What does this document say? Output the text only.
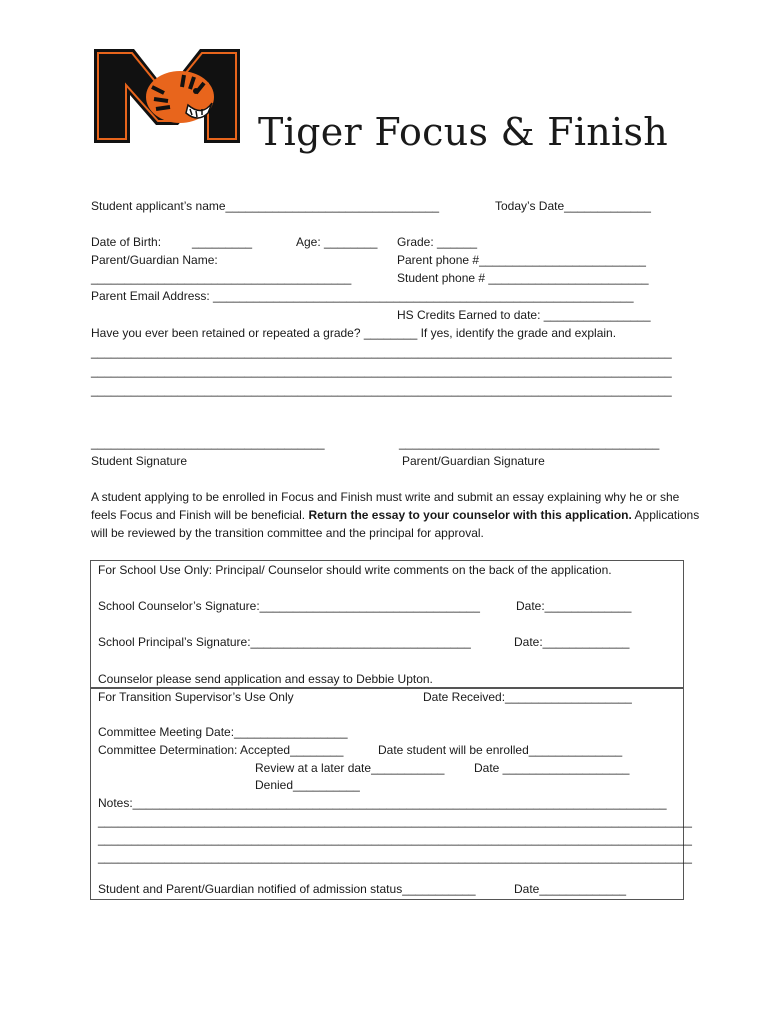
Tiger Focus & Finish
Student applicant’s name________________________________	Today’s Date_____________
Date of Birth:	_________	Age: ________ Grade: ______
Parent/Guardian Name:	Parent phone #_________________________
_______________________________________	Student phone # ________________________
Parent Email Address: _______________________________________________________________
HS Credits Earned to date: ________________
Have you ever been retained or repeated a grade? ________ If yes, identify the grade and explain.
_______________________________________________________________________________________
_______________________________________________________________________________________
_______________________________________________________________________________________
___________________________________	_______________________________________
Student Signature	Parent/Guardian Signature
A student applying to be enrolled in Focus and Finish must write and submit an essay explaining why he or she feels Focus and Finish will be beneficial. Return the essay to your counselor with this application. Applications will be reviewed by the transition committee and the principal for approval.
For School Use Only: Principal/ Counselor should write comments on the back of the application.
School Counselor’s Signature:_________________________________	Date:_____________
School Principal’s Signature:_________________________________	Date:_____________
Counselor please send application and essay to Debbie Upton.
For Transition Supervisor’s Use Only	Date Received:___________________
Committee Meeting Date:_________________
Committee Determination: Accepted________	Date student will be enrolled______________
Review at a later date___________ Date ___________________
Denied__________
Notes:________________________________________________________________________________
_________________________________________________________________________________________
_________________________________________________________________________________________
_________________________________________________________________________________________
Student and Parent/Guardian notified of admission status___________	Date_____________
